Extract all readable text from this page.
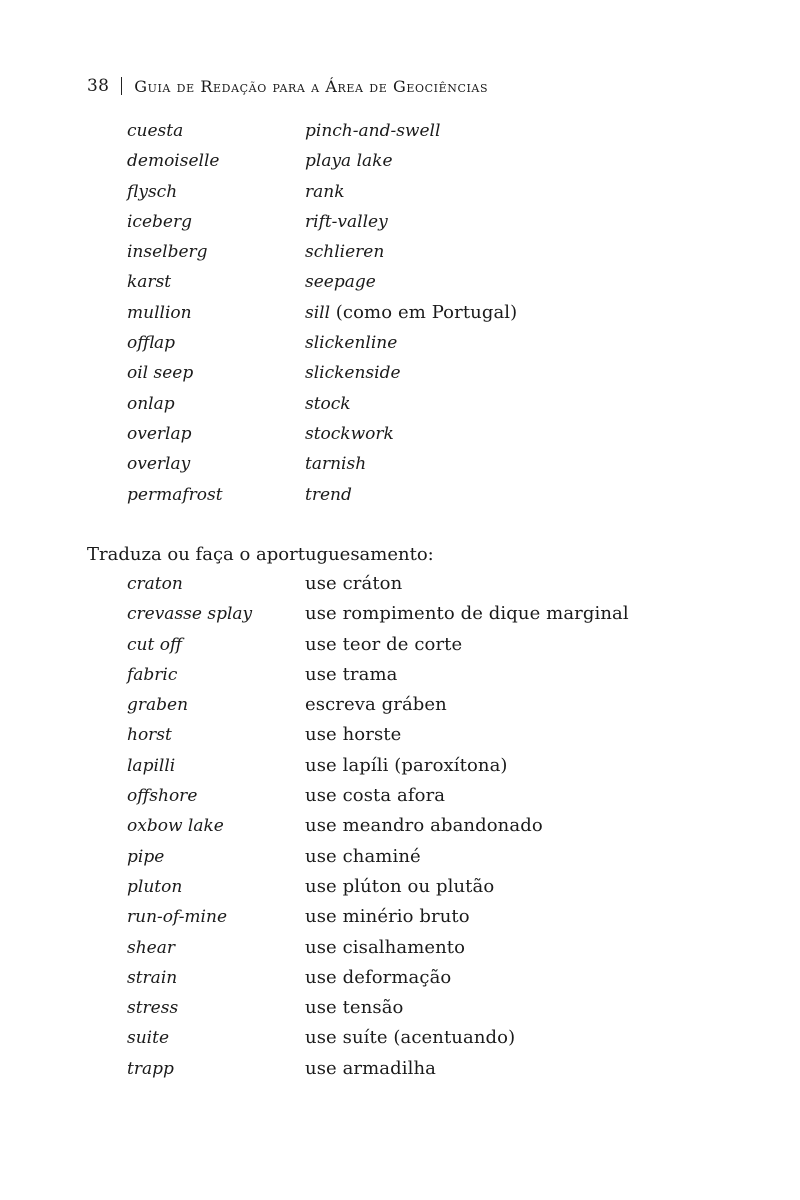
38 Guia de Redação para a Área de Geociências
cuesta	pinch-and-swell
demoiselle	playa lake
flysch	rank
iceberg	rift-valley
inselberg	schlieren
karst	seepage
mullion	sill (como em Portugal)
offlap	slickenline
oil seep	slickenside
onlap	stock
overlap	stockwork
overlay	tarnish
permafrost	trend
Traduza ou faça o aportuguesamento:
craton	use cráton
crevasse splay	use rompimento de dique marginal
cut off	use teor de corte
fabric	use trama
graben	escreva gráben
horst	use horste
lapilli	use lapíli (paroxítona)
offshore	use costa afora
oxbow lake	use meandro abandonado
pipe	use chaminé
pluton	use plúton ou plutão
run-of-mine	use minério bruto
shear	use cisalhamento
strain	use deformação
stress	use tensão
suite	use suíte (acentuando)
trapp	use armadilha
